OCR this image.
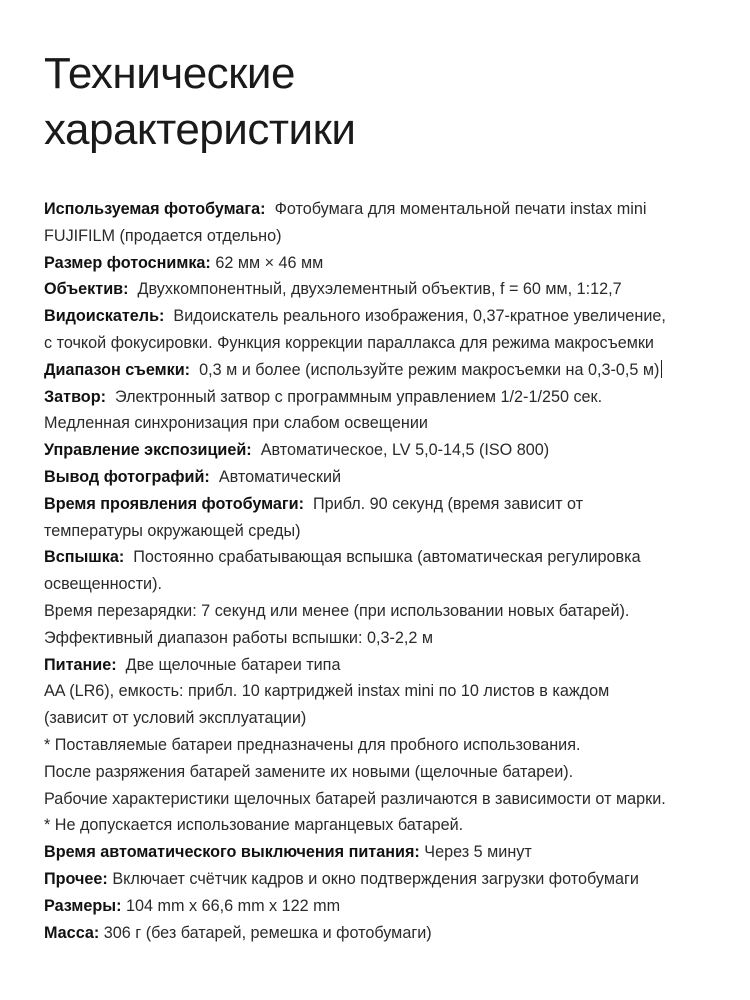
Технические
характеристики
Используемая фотобумага: Фотобумага для моментальной печати instax mini
FUJIFILM (продается отдельно)
Размер фотоснимка: 62 мм × 46 мм
Объектив: Двухкомпонентный, двухэлементный объектив, f = 60 мм, 1:12,7
Видоискатель: Видоискатель реального изображения, 0,37-кратное увеличение,
с точкой фокусировки. Функция коррекции параллакса для режима макросъемки
Диапазон съемки: 0,3 м и более (используйте режим макросъемки на 0,3-0,5 м)
Затвор: Электронный затвор с программным управлением 1/2-1/250 сек.
Медленная синхронизация при слабом освещении
Управление экспозицией: Автоматическое, LV 5,0-14,5 (ISO 800)
Вывод фотографий: Автоматический
Время проявления фотобумаги: Прибл. 90 секунд (время зависит от
температуры окружающей среды)
Вспышка: Постоянно срабатывающая вспышка (автоматическая регулировка
освещенности).
Время перезарядки: 7 секунд или менее (при использовании новых батарей).
Эффективный диапазон работы вспышки: 0,3-2,2 м
Питание: Две щелочные батареи типа
AA (LR6), емкость: прибл. 10 картриджей instax mini по 10 листов в каждом
(зависит от условий эксплуатации)
* Поставляемые батареи предназначены для пробного использования.
После разряжения батарей замените их новыми (щелочные батареи).
Рабочие характеристики щелочных батарей различаются в зависимости от марки.
* Не допускается использование марганцевых батарей.
Время автоматического выключения питания: Через 5 минут
Прочее: Включает счётчик кадров и окно подтверждения загрузки фотобумаги
Размеры: 104 mm x 66,6 mm x 122 mm
Масса: 306 г (без батарей, ремешка и фотобумаги)
